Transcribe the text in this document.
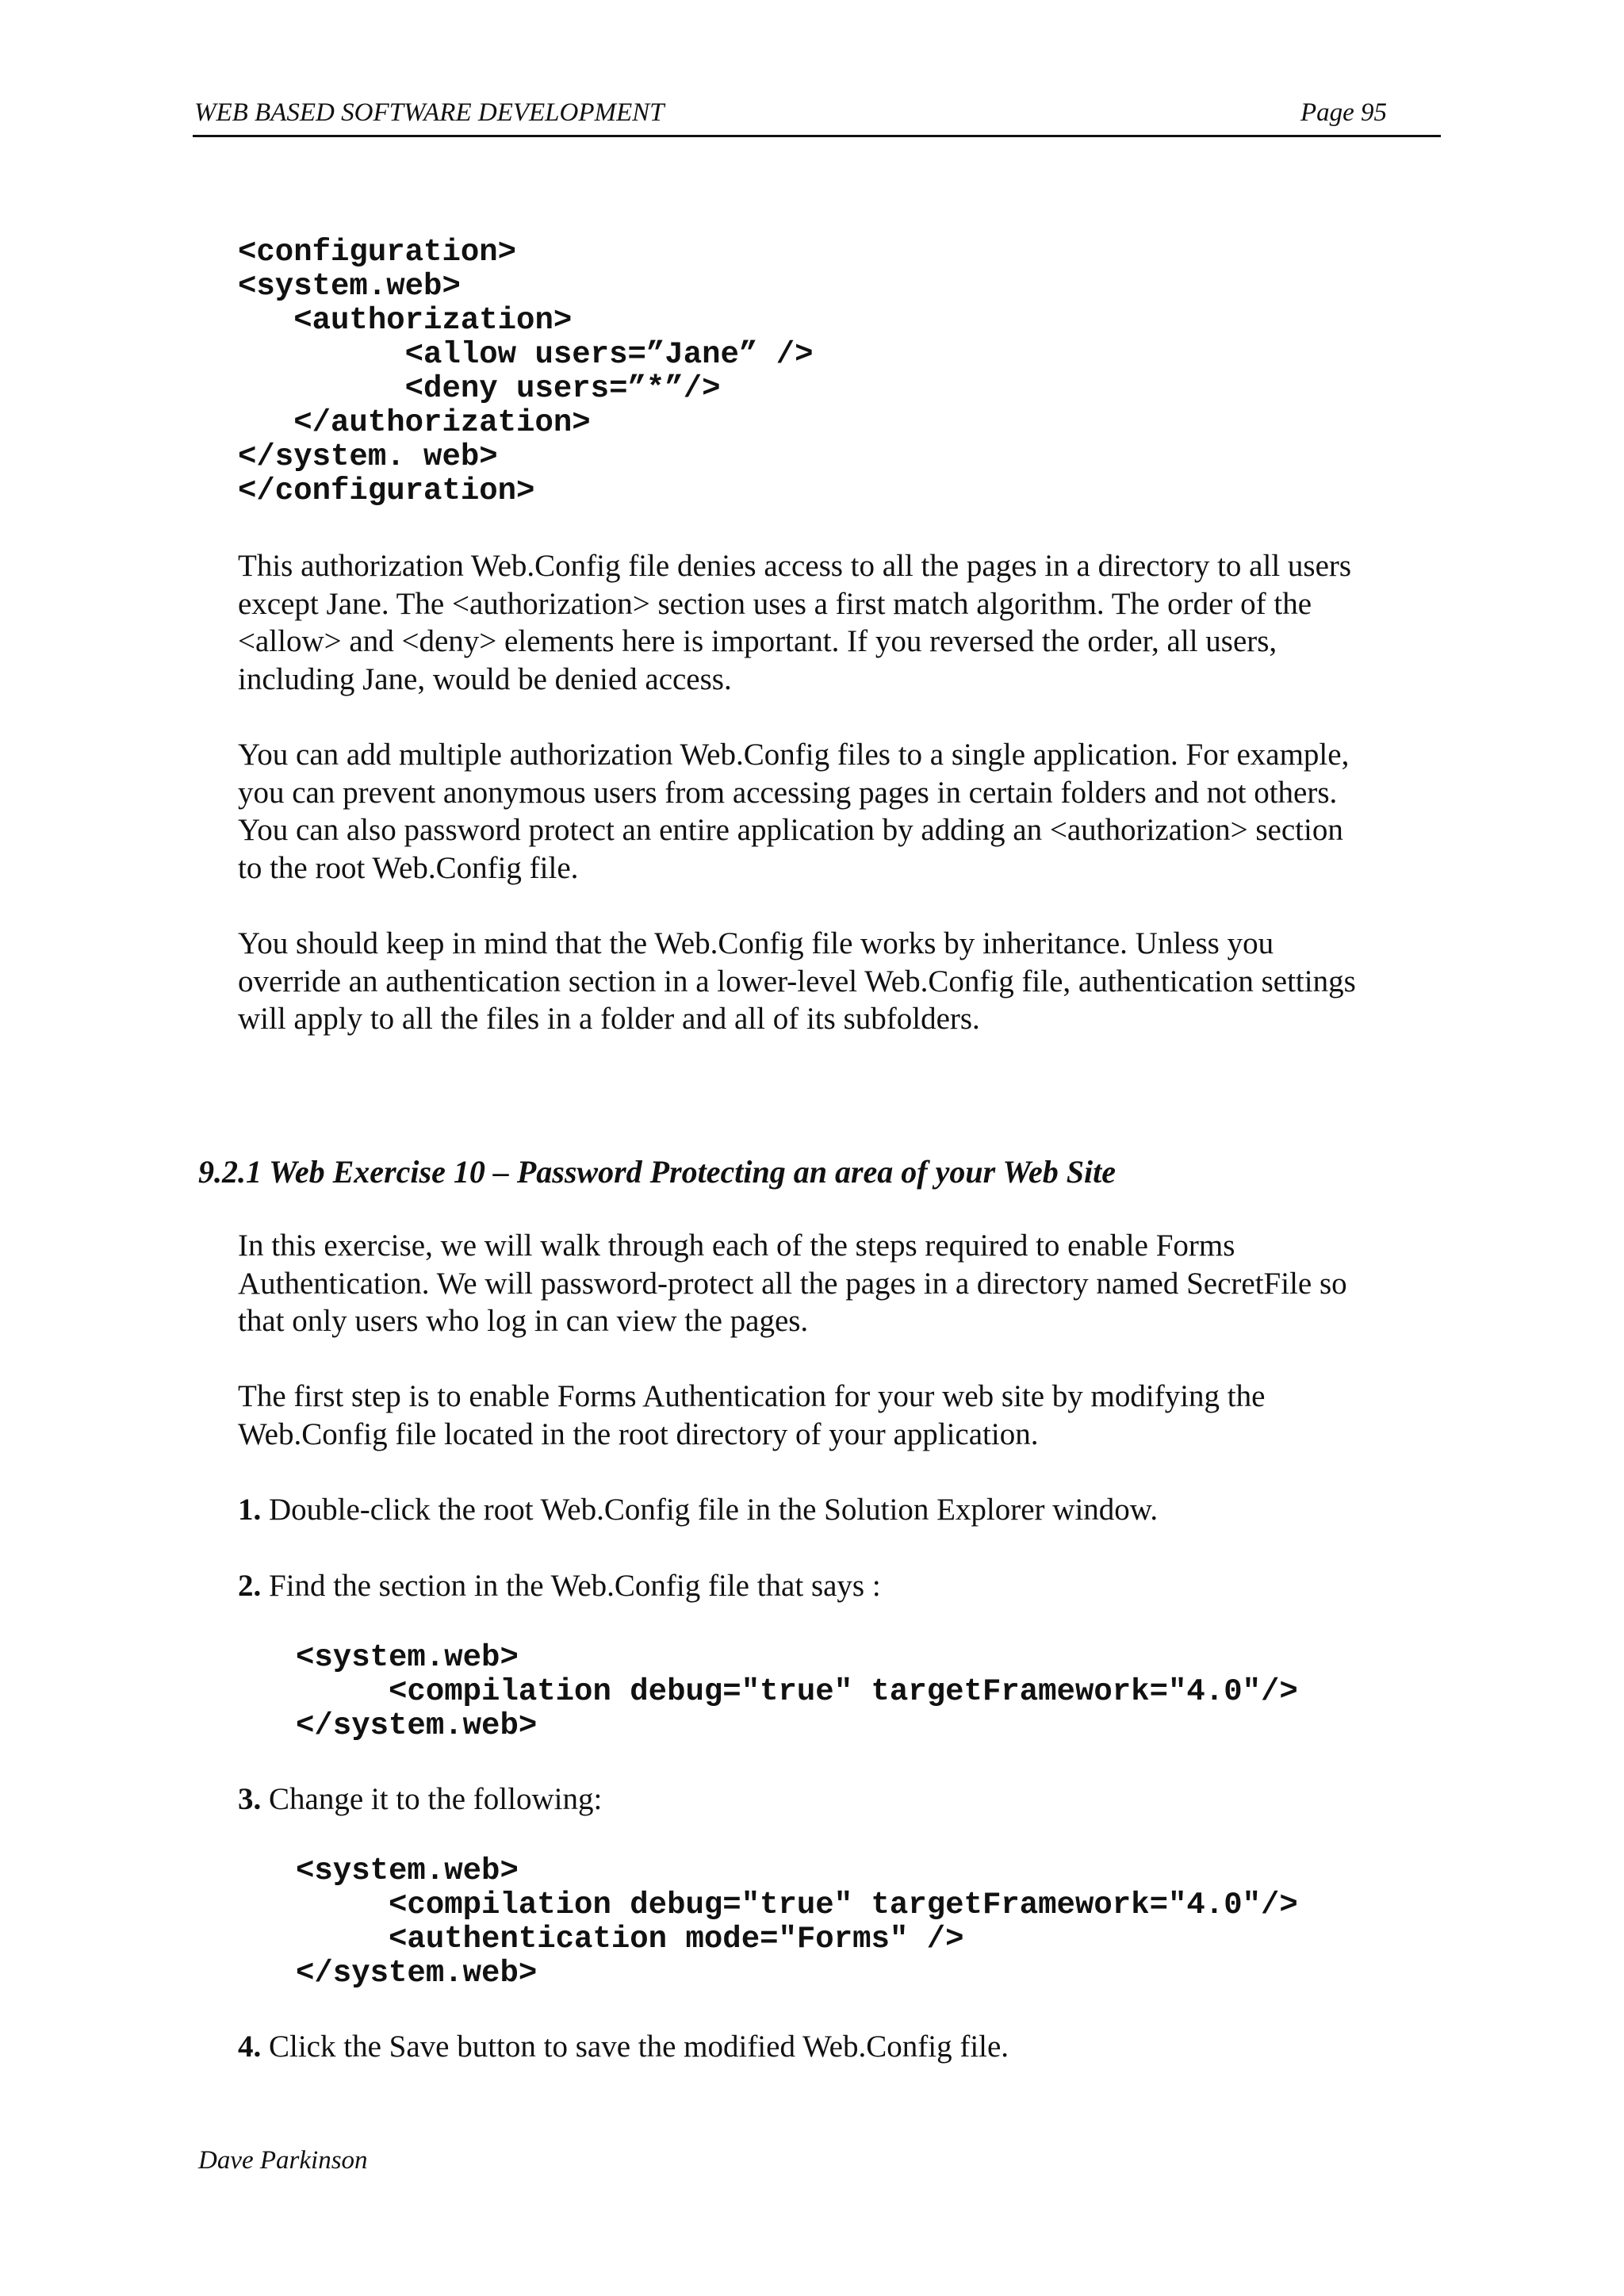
WEB BASED SOFTWARE DEVELOPMENT	Page 95
<configuration>
<system.web>
<authorization>
<allow users=”Jane” />
<deny users=”*”/>
</authorization>
</system. web>
</configuration>
This authorization Web.Config file denies access to all the pages in a directory to all users
except Jane. The <authorization> section uses a first match algorithm. The order of the
<allow> and <deny> elements here is important. If you reversed the order, all users,
including Jane, would be denied access.
You can add multiple authorization Web.Config files to a single application. For example,
you can prevent anonymous users from accessing pages in certain folders and not others.
You can also password protect an entire application by adding an <authorization> section
to the root Web.Config file.
You should keep in mind that the Web.Config file works by inheritance. Unless you
override an authentication section in a lower-level Web.Config file, authentication settings
will apply to all the files in a folder and all of its subfolders.
9.2.1 Web Exercise 10 – Password Protecting an area of your Web Site
In this exercise, we will walk through each of the steps required to enable Forms
Authentication. We will password-protect all the pages in a directory named SecretFile so
that only users who log in can view the pages.
The first step is to enable Forms Authentication for your web site by modifying the
Web.Config file located in the root directory of your application.
1. Double-click the root Web.Config file in the Solution Explorer window.
2. Find the section in the Web.Config file that says :
<system.web>
<compilation debug="true" targetFramework="4.0"/>
</system.web>
3. Change it to the following:
<system.web>
<compilation debug="true" targetFramework="4.0"/>
<authentication mode="Forms" />
</system.web>
4. Click the Save button to save the modified Web.Config file.
Dave Parkinson
